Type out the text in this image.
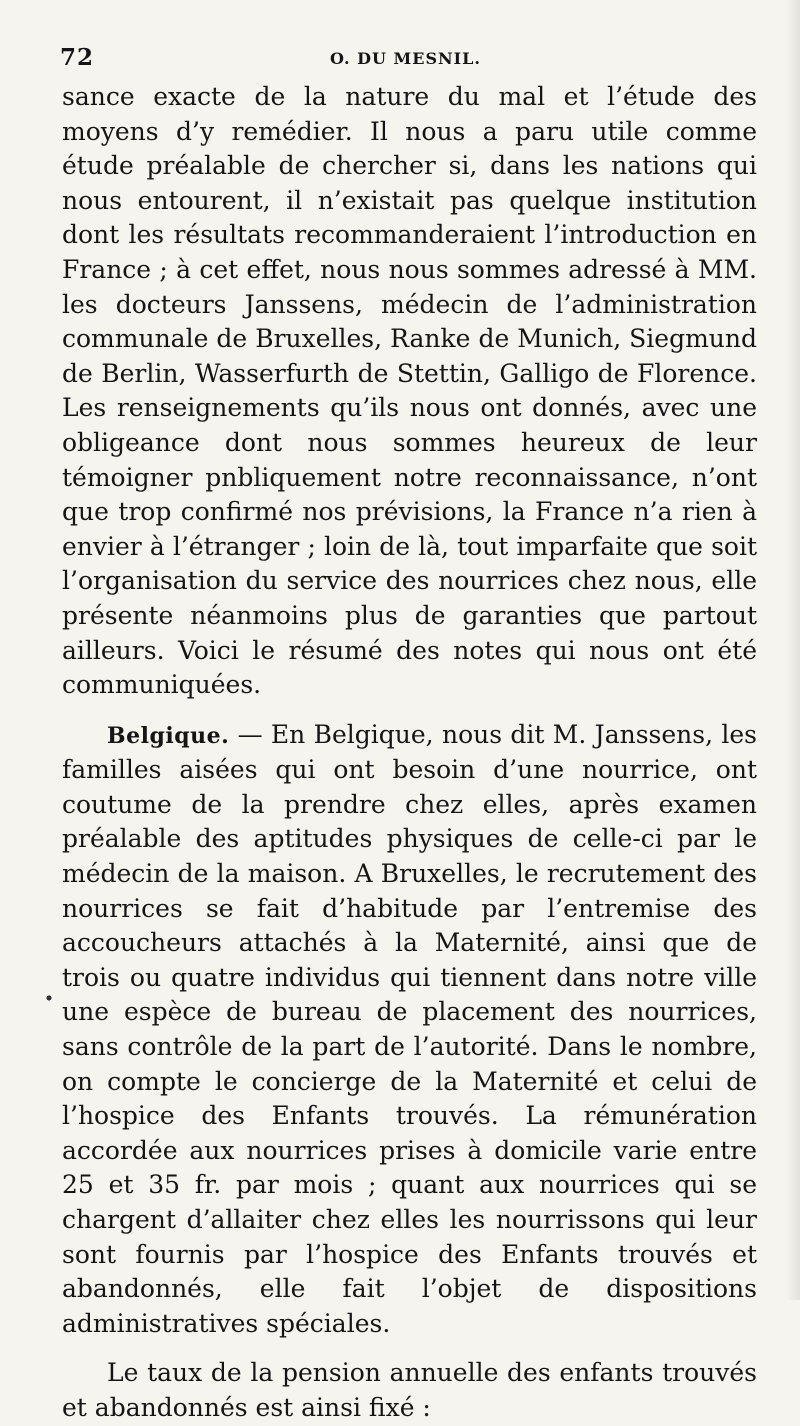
72	O. DU MESNIL.

sance exacte de la nature du mal et l’étude des moyens d’y remédier. Il nous a paru utile comme étude préalable de chercher si, dans les nations qui nous entourent, il n’existait pas quelque institution dont les résultats recommanderaient l’introduction en France ; à cet effet, nous nous sommes adressé à MM. les docteurs Janssens, médecin de l’administration communale de Bruxelles, Ranke de Munich, Siegmund de Berlin, Wasserfurth de Stettin, Galligo de Florence. Les renseignements qu’ils nous ont donnés, avec une obligeance dont nous sommes heureux de leur témoigner pnbliquement notre reconnaissance, n’ont que trop confirmé nos prévisions, la France n’a rien à envier à l’étranger ; loin de là, tout imparfaite que soit l’organisation du service des nourrices chez nous, elle présente néanmoins plus de garanties que partout ailleurs. Voici le résumé des notes qui nous ont été communiquées.

Belgique. — En Belgique, nous dit M. Janssens, les familles aisées qui ont besoin d’une nourrice, ont coutume de la prendre chez elles, après examen préalable des aptitudes physiques de celle-ci par le médecin de la maison. A Bruxelles, le recrutement des nourrices se fait d’habitude par l’entremise des accoucheurs attachés à la Maternité, ainsi que de trois ou quatre individus qui tiennent dans notre ville une espèce de bureau de placement des nourrices, sans contrôle de la part de l’autorité. Dans le nombre, on compte le concierge de la Maternité et celui de l’hospice des Enfants trouvés. La rémunération accordée aux nourrices prises à domicile varie entre 25 et 35 fr. par mois ; quant aux nourrices qui se chargent d’allaiter chez elles les nourrissons qui leur sont fournis par l’hospice des Enfants trouvés et abandonnés, elle fait l’objet de dispositions administratives spéciales.

Le taux de la pension annuelle des enfants trouvés et abandonnés est ainsi fixé :
